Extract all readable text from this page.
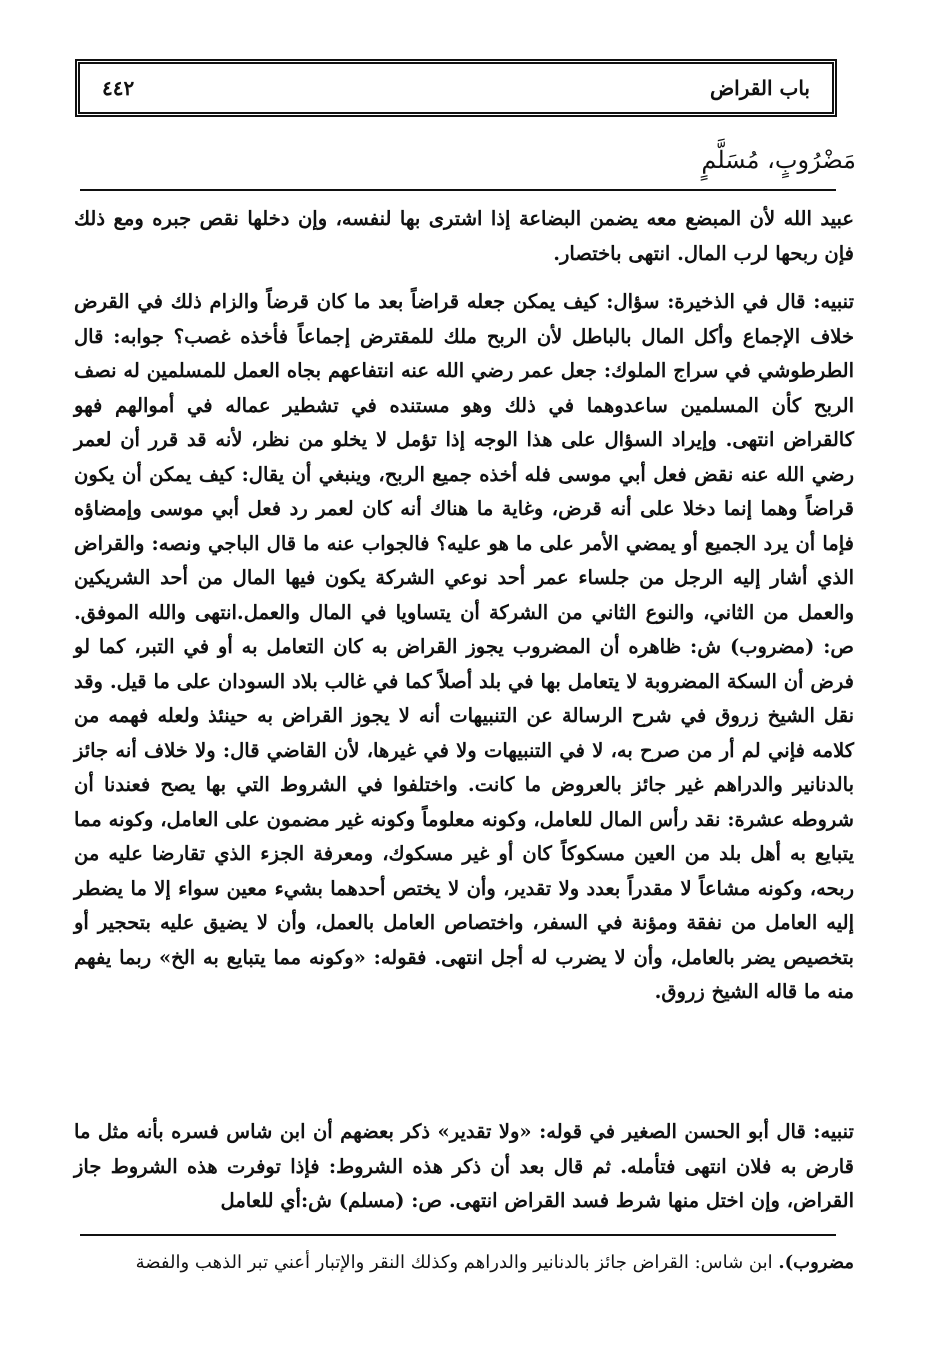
باب القراض
٤٤٢
مَضْرُوبٍ، مُسَلَّمٍ

عبيد الله لأن المبضع معه يضمن البضاعة إذا اشترى بها لنفسه، وإن دخلها نقص جبره ومع ذلك فإن ربحها لرب المال. انتهى باختصار.

تنبيه: قال في الذخيرة: سؤال: كيف يمكن جعله قراضاً بعد ما كان قرضاً والزام ذلك في القرض خلاف الإجماع وأكل المال بالباطل لأن الربح ملك للمقترض إجماعاً فأخذه غصب؟ جوابه: قال الطرطوشي في سراج الملوك: جعل عمر رضي الله عنه انتفاعهم بجاه العمل للمسلمين له نصف الربح كأن المسلمين ساعدوهما في ذلك وهو مستنده في تشطير عماله في أموالهم فهو كالقراض انتهى. وإيراد السؤال على هذا الوجه إذا تؤمل لا يخلو من نظر، لأنه قد قرر أن لعمر رضي الله عنه نقض فعل أبي موسى فله أخذه جميع الربح، وينبغي أن يقال: كيف يمكن أن يكون قراضاً وهما إنما دخلا على أنه قرض، وغاية ما هناك أنه كان لعمر رد فعل أبي موسى وإمضاؤه فإما أن يرد الجميع أو يمضي الأمر على ما هو عليه؟ فالجواب عنه ما قال الباجي ونصه: والقراض الذي أشار إليه الرجل من جلساء عمر أحد نوعي الشركة يكون فيها المال من أحد الشريكين والعمل من الثاني، والنوع الثاني من الشركة أن يتساويا في المال والعمل.انتهى والله الموفق. ص: (مضروب) ش: ظاهره أن المضروب يجوز القراض به كان التعامل به أو في التبر، كما لو فرض أن السكة المضروبة لا يتعامل بها في بلد أصلاً كما في غالب بلاد السودان على ما قيل. وقد نقل الشيخ زروق في شرح الرسالة عن التنبيهات أنه لا يجوز القراض به حينئذ ولعله فهمه من كلامه فإني لم أر من صرح به، لا في التنبيهات ولا في غيرها، لأن القاضي قال: ولا خلاف أنه جائز بالدنانير والدراهم غير جائز بالعروض ما كانت. واختلفوا في الشروط التي بها يصح فعندنا أن شروطه عشرة: نقد رأس المال للعامل، وكونه معلوماً وكونه غير مضمون على العامل، وكونه مما يتبايع به أهل بلد من العين مسكوكاً كان أو غير مسكوك، ومعرفة الجزء الذي تقارضا عليه من ربحه، وكونه مشاعاً لا مقدراً بعدد ولا تقدير، وأن لا يختص أحدهما بشيء معين سواء إلا ما يضطر إليه العامل من نفقة ومؤنة في السفر، واختصاص العامل بالعمل، وأن لا يضيق عليه بتحجير أو بتخصيص يضر بالعامل، وأن لا يضرب له أجل انتهى. فقوله: «وكونه مما يتبايع به الخ» ربما يفهم منه ما قاله الشيخ زروق.

تنبيه: قال أبو الحسن الصغير في قوله: «ولا تقدير» ذكر بعضهم أن ابن شاس فسره بأنه مثل ما قارض به فلان انتهى فتأمله. ثم قال بعد أن ذكر هذه الشروط: فإذا توفرت هذه الشروط جاز القراض، وإن اختل منها شرط فسد القراض انتهى. ص: (مسلم) ش:أي للعامل

مضروب). ابن شاس: القراض جائز بالدنانير والدراهم وكذلك النقر والإتبار أعني تبر الذهب والفضة
